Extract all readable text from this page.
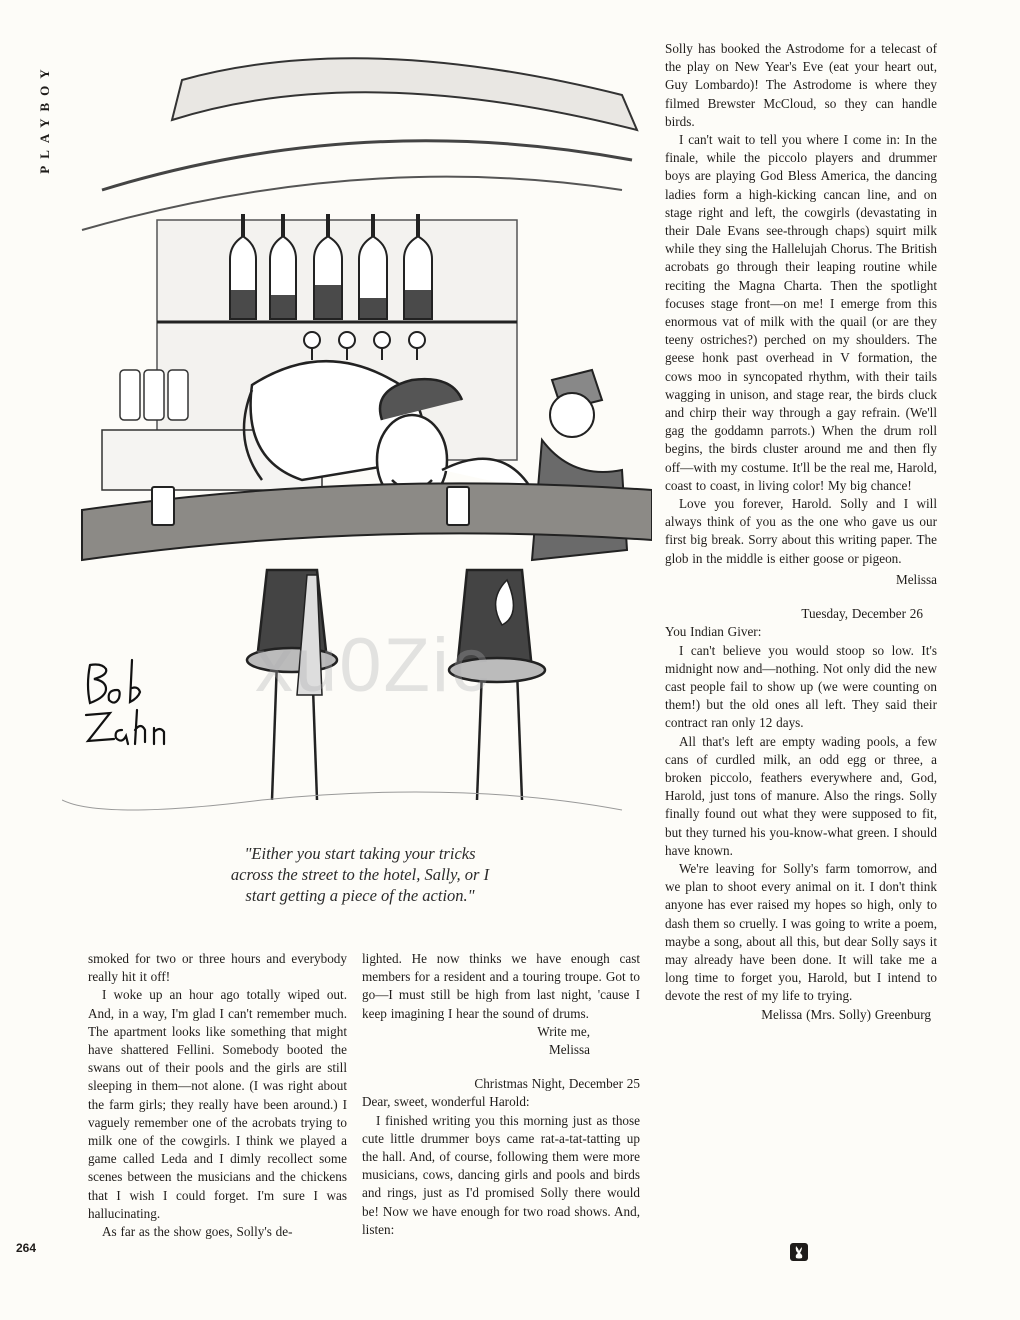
PLAYBOY
xu0Zic
"Either you start taking your tricks
across the street to the hotel, Sally, or I
start getting a piece of the action."

smoked for two or three hours and everybody really hit it off!

I woke up an hour ago totally wiped out. And, in a way, I'm glad I can't remember much. The apartment looks like something that might have shattered Fellini. Somebody booted the swans out of their pools and the girls are still sleeping in them—not alone. (I was right about the farm girls; they really have been around.) I vaguely remember one of the acrobats trying to milk one of the cowgirls. I think we played a game called Leda and I dimly recollect some scenes between the musicians and the chickens that I wish I could forget. I'm sure I was hallucinating.

As far as the show goes, Solly's de-

lighted. He now thinks we have enough cast members for a resident and a touring troupe. Got to go—I must still be high from last night, 'cause I keep imagining I hear the sound of drums.

Write me,

Melissa

Christmas Night, December 25

Dear, sweet, wonderful Harold:

I finished writing you this morning just as those cute little drummer boys came rat-a-tat-tatting up the hall. And, of course, following them were more musicians, cows, dancing girls and pools and birds and rings, just as I'd promised Solly there would be! Now we have enough for two road shows. And, listen:

Solly has booked the Astrodome for a telecast of the play on New Year's Eve (eat your heart out, Guy Lombardo)! The Astrodome is where they filmed Brewster McCloud, so they can handle birds.

I can't wait to tell you where I come in: In the finale, while the piccolo players and drummer boys are playing God Bless America, the dancing ladies form a high-kicking cancan line, and on stage right and left, the cowgirls (devastating in their Dale Evans see-through chaps) squirt milk while they sing the Hallelujah Chorus. The British acrobats go through their leaping routine while reciting the Magna Charta. Then the spotlight focuses stage front—on me! I emerge from this enormous vat of milk with the quail (or are they teeny ostriches?) perched on my shoulders. The geese honk past overhead in V formation, the cows moo in syncopated rhythm, with their tails wagging in unison, and stage rear, the birds cluck and chirp their way through a gay refrain. (We'll gag the goddamn parrots.) When the drum roll begins, the birds cluster around me and then fly off—with my costume. It'll be the real me, Harold, coast to coast, in living color! My big chance!

Love you forever, Harold. Solly and I will always think of you as the one who gave us our first big break. Sorry about this writing paper. The glob in the middle is either goose or pigeon.

Melissa

Tuesday, December 26

You Indian Giver:

I can't believe you would stoop so low. It's midnight now and—nothing. Not only did the new cast people fail to show up (we were counting on them!) but the old ones all left. They said their contract ran only 12 days.

All that's left are empty wading pools, a few cans of curdled milk, an odd egg or three, a broken piccolo, feathers everywhere and, God, Harold, just tons of manure. Also the rings. Solly finally found out what they were supposed to fit, but they turned his you-know-what green. I should have known.

We're leaving for Solly's farm tomorrow, and we plan to shoot every animal on it. I don't think anyone has ever raised my hopes so high, only to dash them so cruelly. I was going to write a poem, maybe a song, about all this, but dear Solly says it may already have been done. It will take me a long time to forget you, Harold, but I intend to devote the rest of my life to trying.

Melissa (Mrs. Solly) Greenburg

264
